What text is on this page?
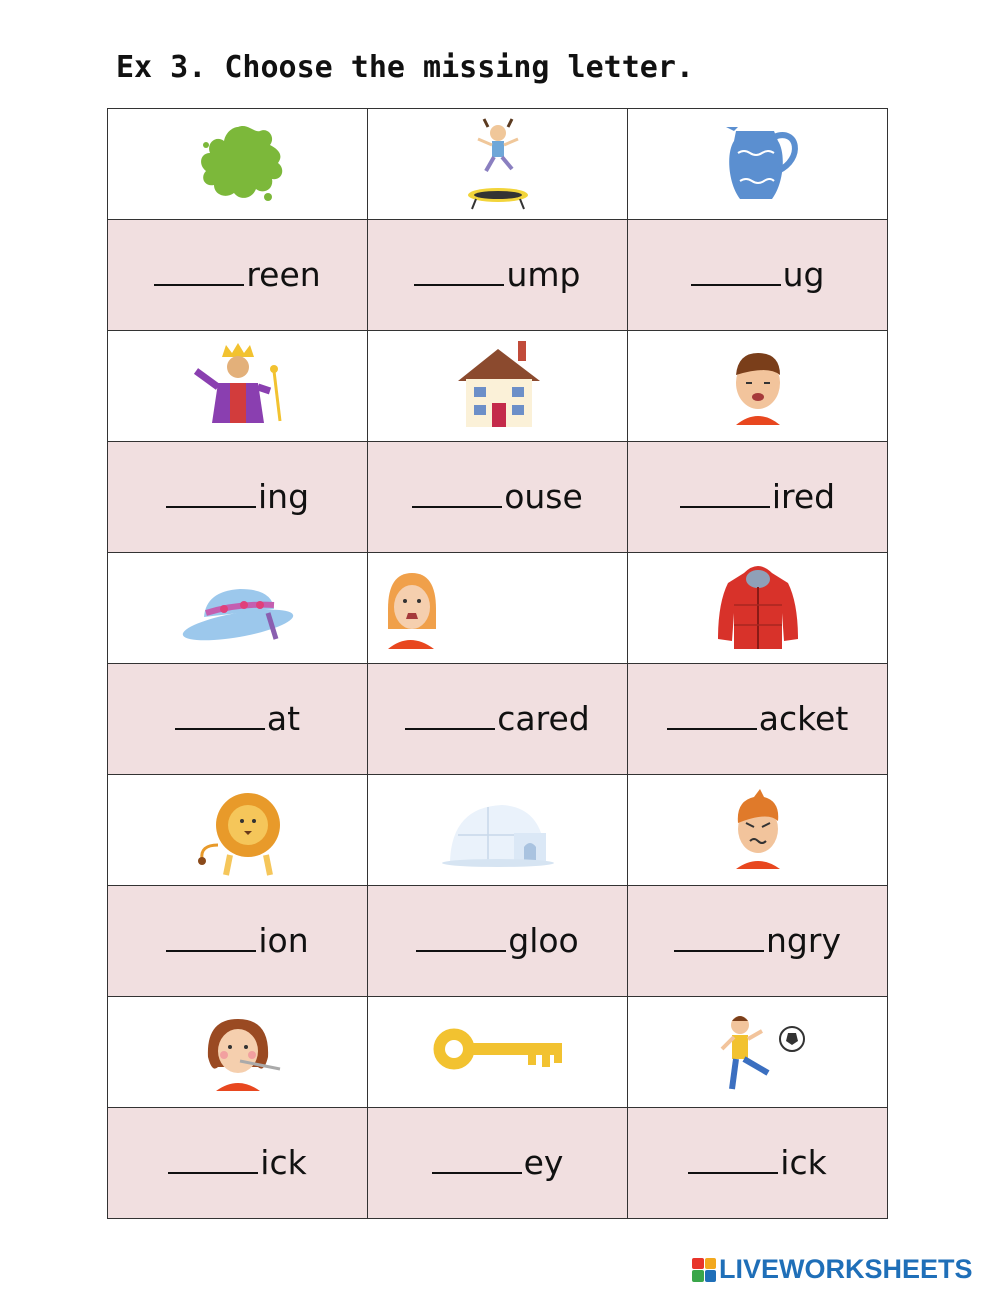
Ex 3. Choose the missing letter.

reen	ump	ug

ing	ouse	ired

at	cared	acket

ion	gloo	ngry

ick	ey	ick
LIVEWORKSHEETS
